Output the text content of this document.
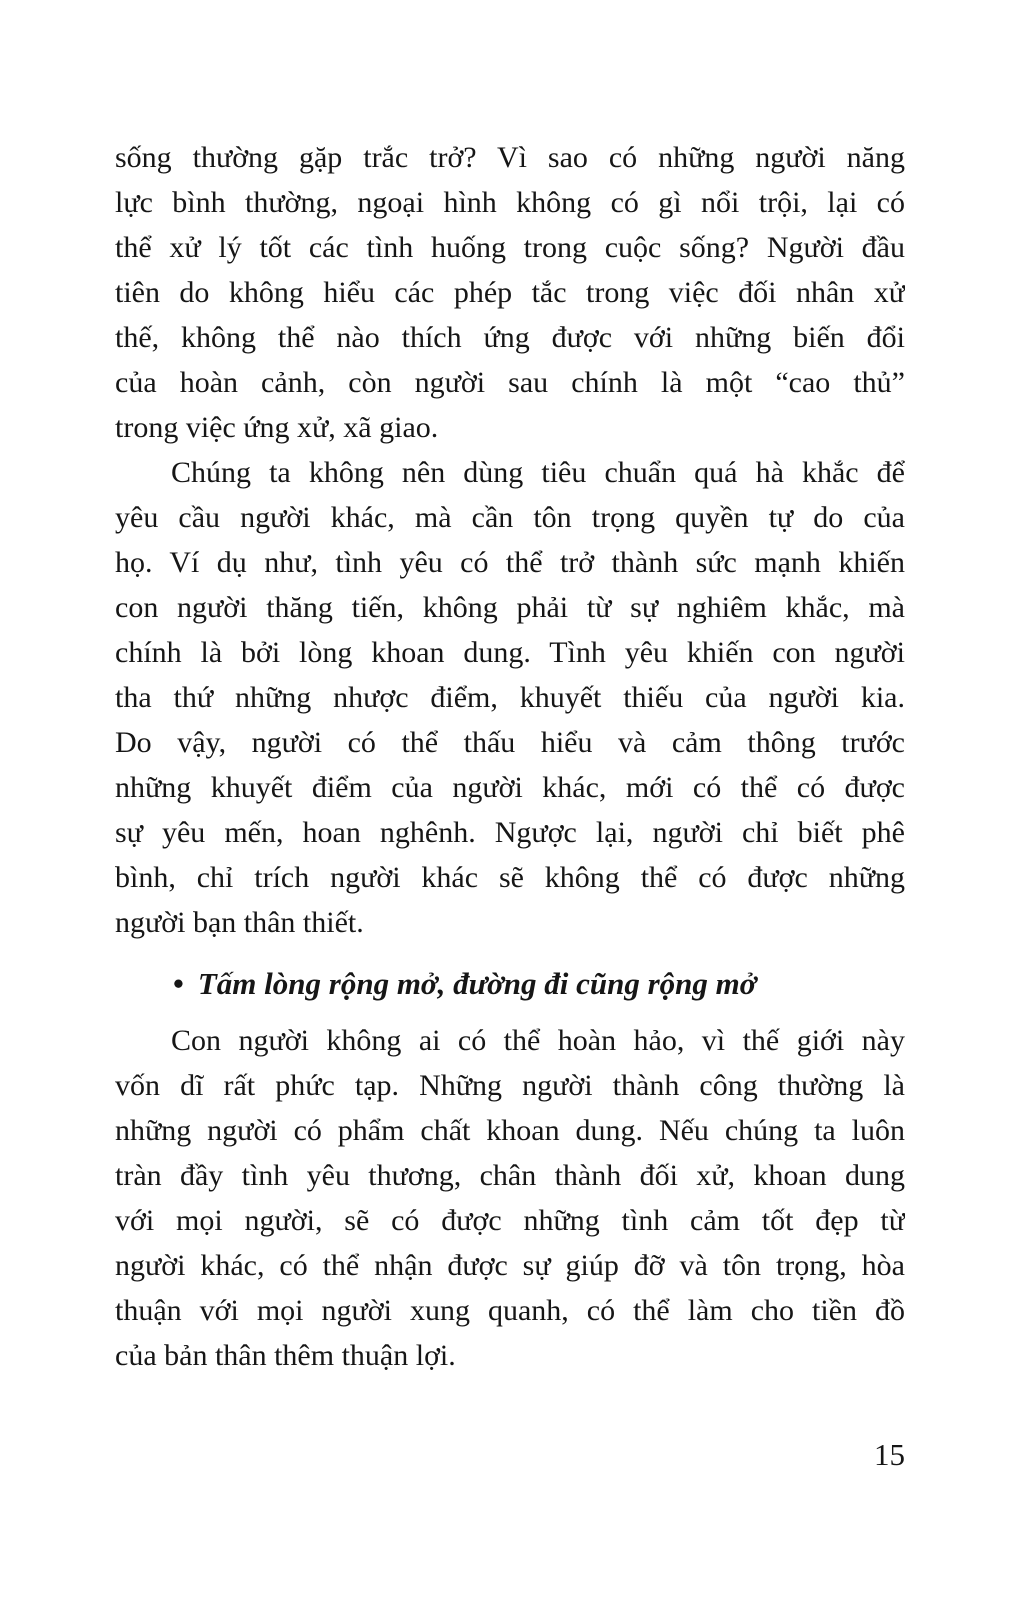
sống thường gặp trắc trở? Vì sao có những người năng
lực bình thường, ngoại hình không có gì nổi trội, lại có
thể xử lý tốt các tình huống trong cuộc sống? Người đầu
tiên do không hiểu các phép tắc trong việc đối nhân xử
thế, không thể nào thích ứng được với những biến đổi
của hoàn cảnh, còn người sau chính là một “cao thủ”
trong việc ứng xử, xã giao.
Chúng ta không nên dùng tiêu chuẩn quá hà khắc để
yêu cầu người khác, mà cần tôn trọng quyền tự do của
họ. Ví dụ như, tình yêu có thể trở thành sức mạnh khiến
con người thăng tiến, không phải từ sự nghiêm khắc, mà
chính là bởi lòng khoan dung. Tình yêu khiến con người
tha thứ những nhược điểm, khuyết thiếu của người kia.
Do vậy, người có thể thấu hiểu và cảm thông trước
những khuyết điểm của người khác, mới có thể có được
sự yêu mến, hoan nghênh. Ngược lại, người chỉ biết phê
bình, chỉ trích người khác sẽ không thể có được những
người bạn thân thiết.
• Tấm lòng rộng mở, đường đi cũng rộng mở
Con người không ai có thể hoàn hảo, vì thế giới này
vốn dĩ rất phức tạp. Những người thành công thường là
những người có phẩm chất khoan dung. Nếu chúng ta luôn
tràn đầy tình yêu thương, chân thành đối xử, khoan dung
với mọi người, sẽ có được những tình cảm tốt đẹp từ
người khác, có thể nhận được sự giúp đỡ và tôn trọng, hòa
thuận với mọi người xung quanh, có thể làm cho tiền đồ
của bản thân thêm thuận lợi.
15
